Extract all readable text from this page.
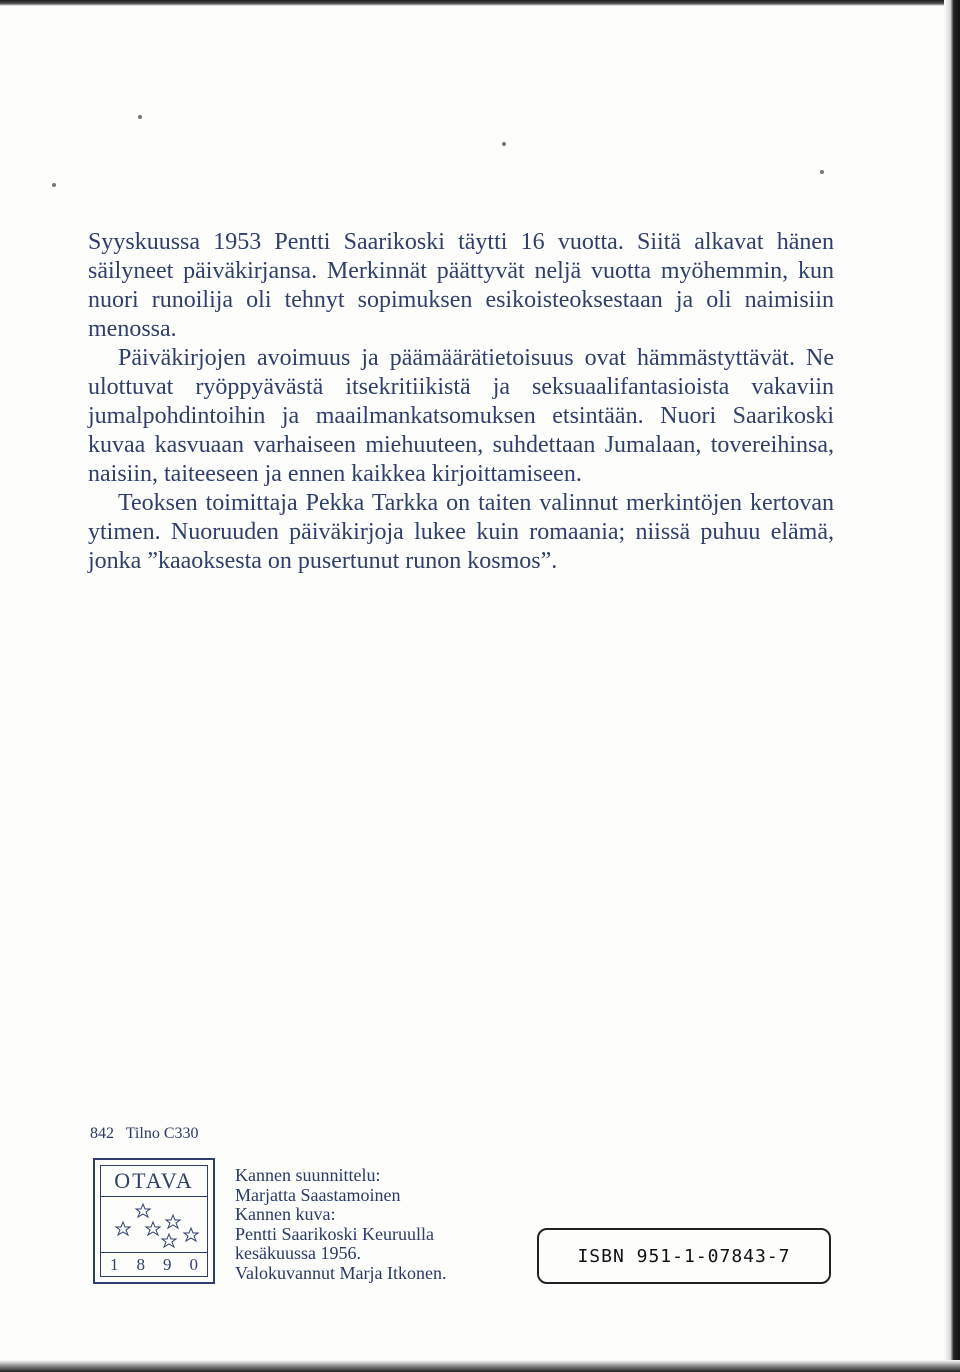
Syyskuussa 1953 Pentti Saarikoski täytti 16 vuotta. Siitä alkavat hänen säilyneet päiväkirjansa. Merkinnät päättyvät neljä vuotta myöhemmin, kun nuori runoilija oli tehnyt sopimuksen esikoisteoksestaan ja oli naimisiin menossa.

Päiväkirjojen avoimuus ja päämäärätietoisuus ovat hämmästyttävät. Ne ulottuvat ryöppyävästä itsekritiikistä ja seksuaalifantasioista vakaviin jumalpohdintoihin ja maailmankatsomuksen etsintään. Nuori Saarikoski kuvaa kasvuaan varhaiseen miehuuteen, suhdettaan Jumalaan, tovereihinsa, naisiin, taiteeseen ja ennen kaikkea kirjoittamiseen.

Teoksen toimittaja Pekka Tarkka on taiten valinnut merkintöjen kertovan ytimen. Nuoruuden päiväkirjoja lukee kuin romaania; niissä puhuu elämä, jonka ”kaaoksesta on pusertunut runon kosmos”.

842   Tilno C330
OTAVA
1 8 9 0
Kannen suunnittelu:
Marjatta Saastamoinen
Kannen kuva:
Pentti Saarikoski Keuruulla
kesäkuussa 1956.
Valokuvannut Marja Itkonen.
ISBN 951-1-07843-7
